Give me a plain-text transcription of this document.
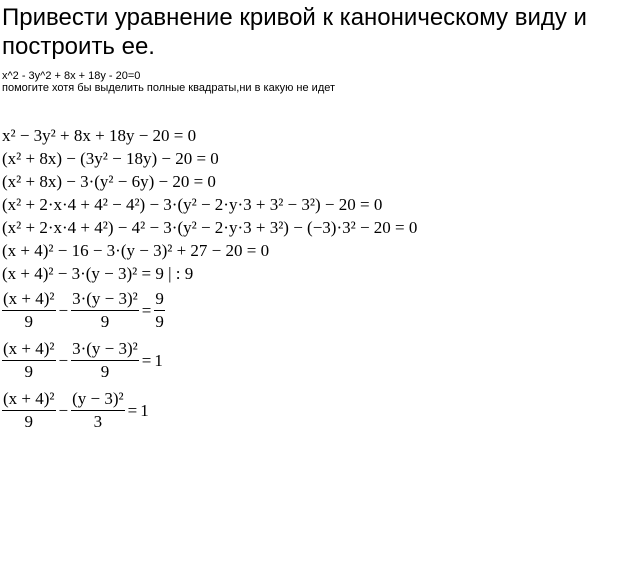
Привести уравнение кривой к каноническому виду и построить ее.
x^2 - 3y^2 + 8x + 18y - 20=0
помогите хотя бы выделить полные квадраты,ни в какую не идет
x² − 3y² + 8x + 18y − 20 = 0
(x² + 8x) − (3y² − 18y) − 20 = 0
(x² + 8x) − 3·(y² − 6y) − 20 = 0
(x² + 2·x·4 + 4² − 4²) − 3·(y² − 2·y·3 + 3² − 3²) − 20 = 0
(x² + 2·x·4 + 4²) − 4² − 3·(y² − 2·y·3 + 3²) − (−3)·3² − 20 = 0
(x + 4)² − 16 − 3·(y − 3)² + 27 − 20 = 0
(x + 4)² − 3·(y − 3)² = 9 | : 9
$\frac{\text{(x + 4)²}}{9} - \frac{\text{3·(y − 3)²}}{9} = \frac{9}{9}$
$\frac{\text{(x + 4)²}}{9} - \frac{\text{3·(y − 3)²}}{9} = 1$
$\frac{\text{(x + 4)²}}{9} - \frac{\text{(y − 3)²}}{3} = 1$
